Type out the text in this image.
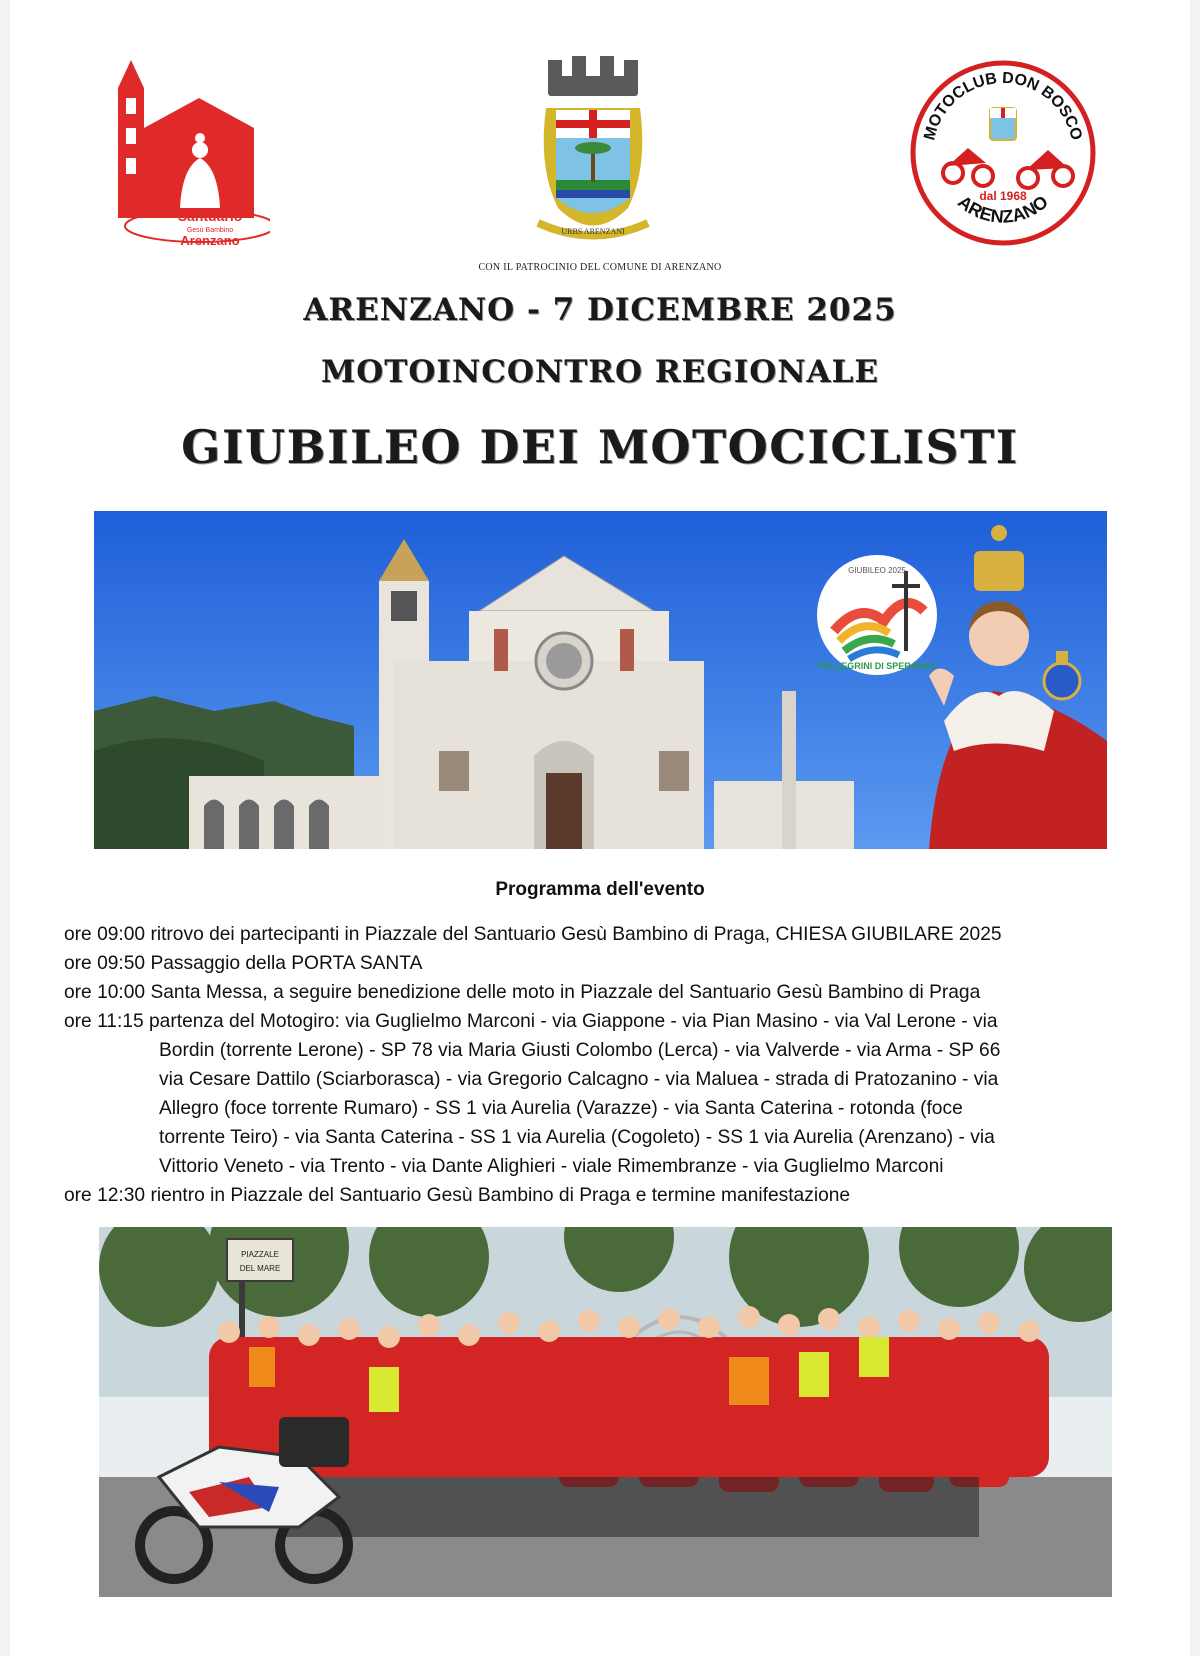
Santuario
Gesù Bambino
Arenzano
URBS ARENZANI
MOTOCLUB DON BOSCO
ARENZANO
dal 1968
CON IL PATROCINIO DEL COMUNE DI ARENZANO
ARENZANO - 7 DICEMBRE 2025
MOTOINCONTRO REGIONALE
GIUBILEO DEI MOTOCICLISTI
GIUBILEO 2025
PELLEGRINI DI SPERANZA
Programma dell'evento
ore 09:00 ritrovo dei partecipanti in Piazzale del Santuario Gesù Bambino di Praga, CHIESA GIUBILARE 2025
ore 09:50 Passaggio della PORTA SANTA
ore 10:00 Santa Messa, a seguire benedizione delle moto in Piazzale del Santuario Gesù Bambino di Praga
ore 11:15 partenza del Motogiro: via Guglielmo Marconi - via Giappone - via Pian Masino - via Val Lerone - via
Bordin (torrente Lerone) - SP 78 via Maria Giusti Colombo (Lerca) - via Valverde - via Arma - SP 66
via Cesare Dattilo (Sciarborasca) - via Gregorio Calcagno - via Maluea - strada di Pratozanino - via
Allegro (foce torrente Rumaro) - SS 1 via Aurelia (Varazze) - via Santa Caterina - rotonda (foce
torrente Teiro) - via Santa Caterina - SS 1 via Aurelia (Cogoleto) - SS 1 via Aurelia (Arenzano) - via
Vittorio Veneto - via Trento - via Dante Alighieri - viale Rimembranze - via Guglielmo Marconi
ore 12:30 rientro in Piazzale del Santuario Gesù Bambino di Praga e termine manifestazione
PIAZZALE
DEL MARE
